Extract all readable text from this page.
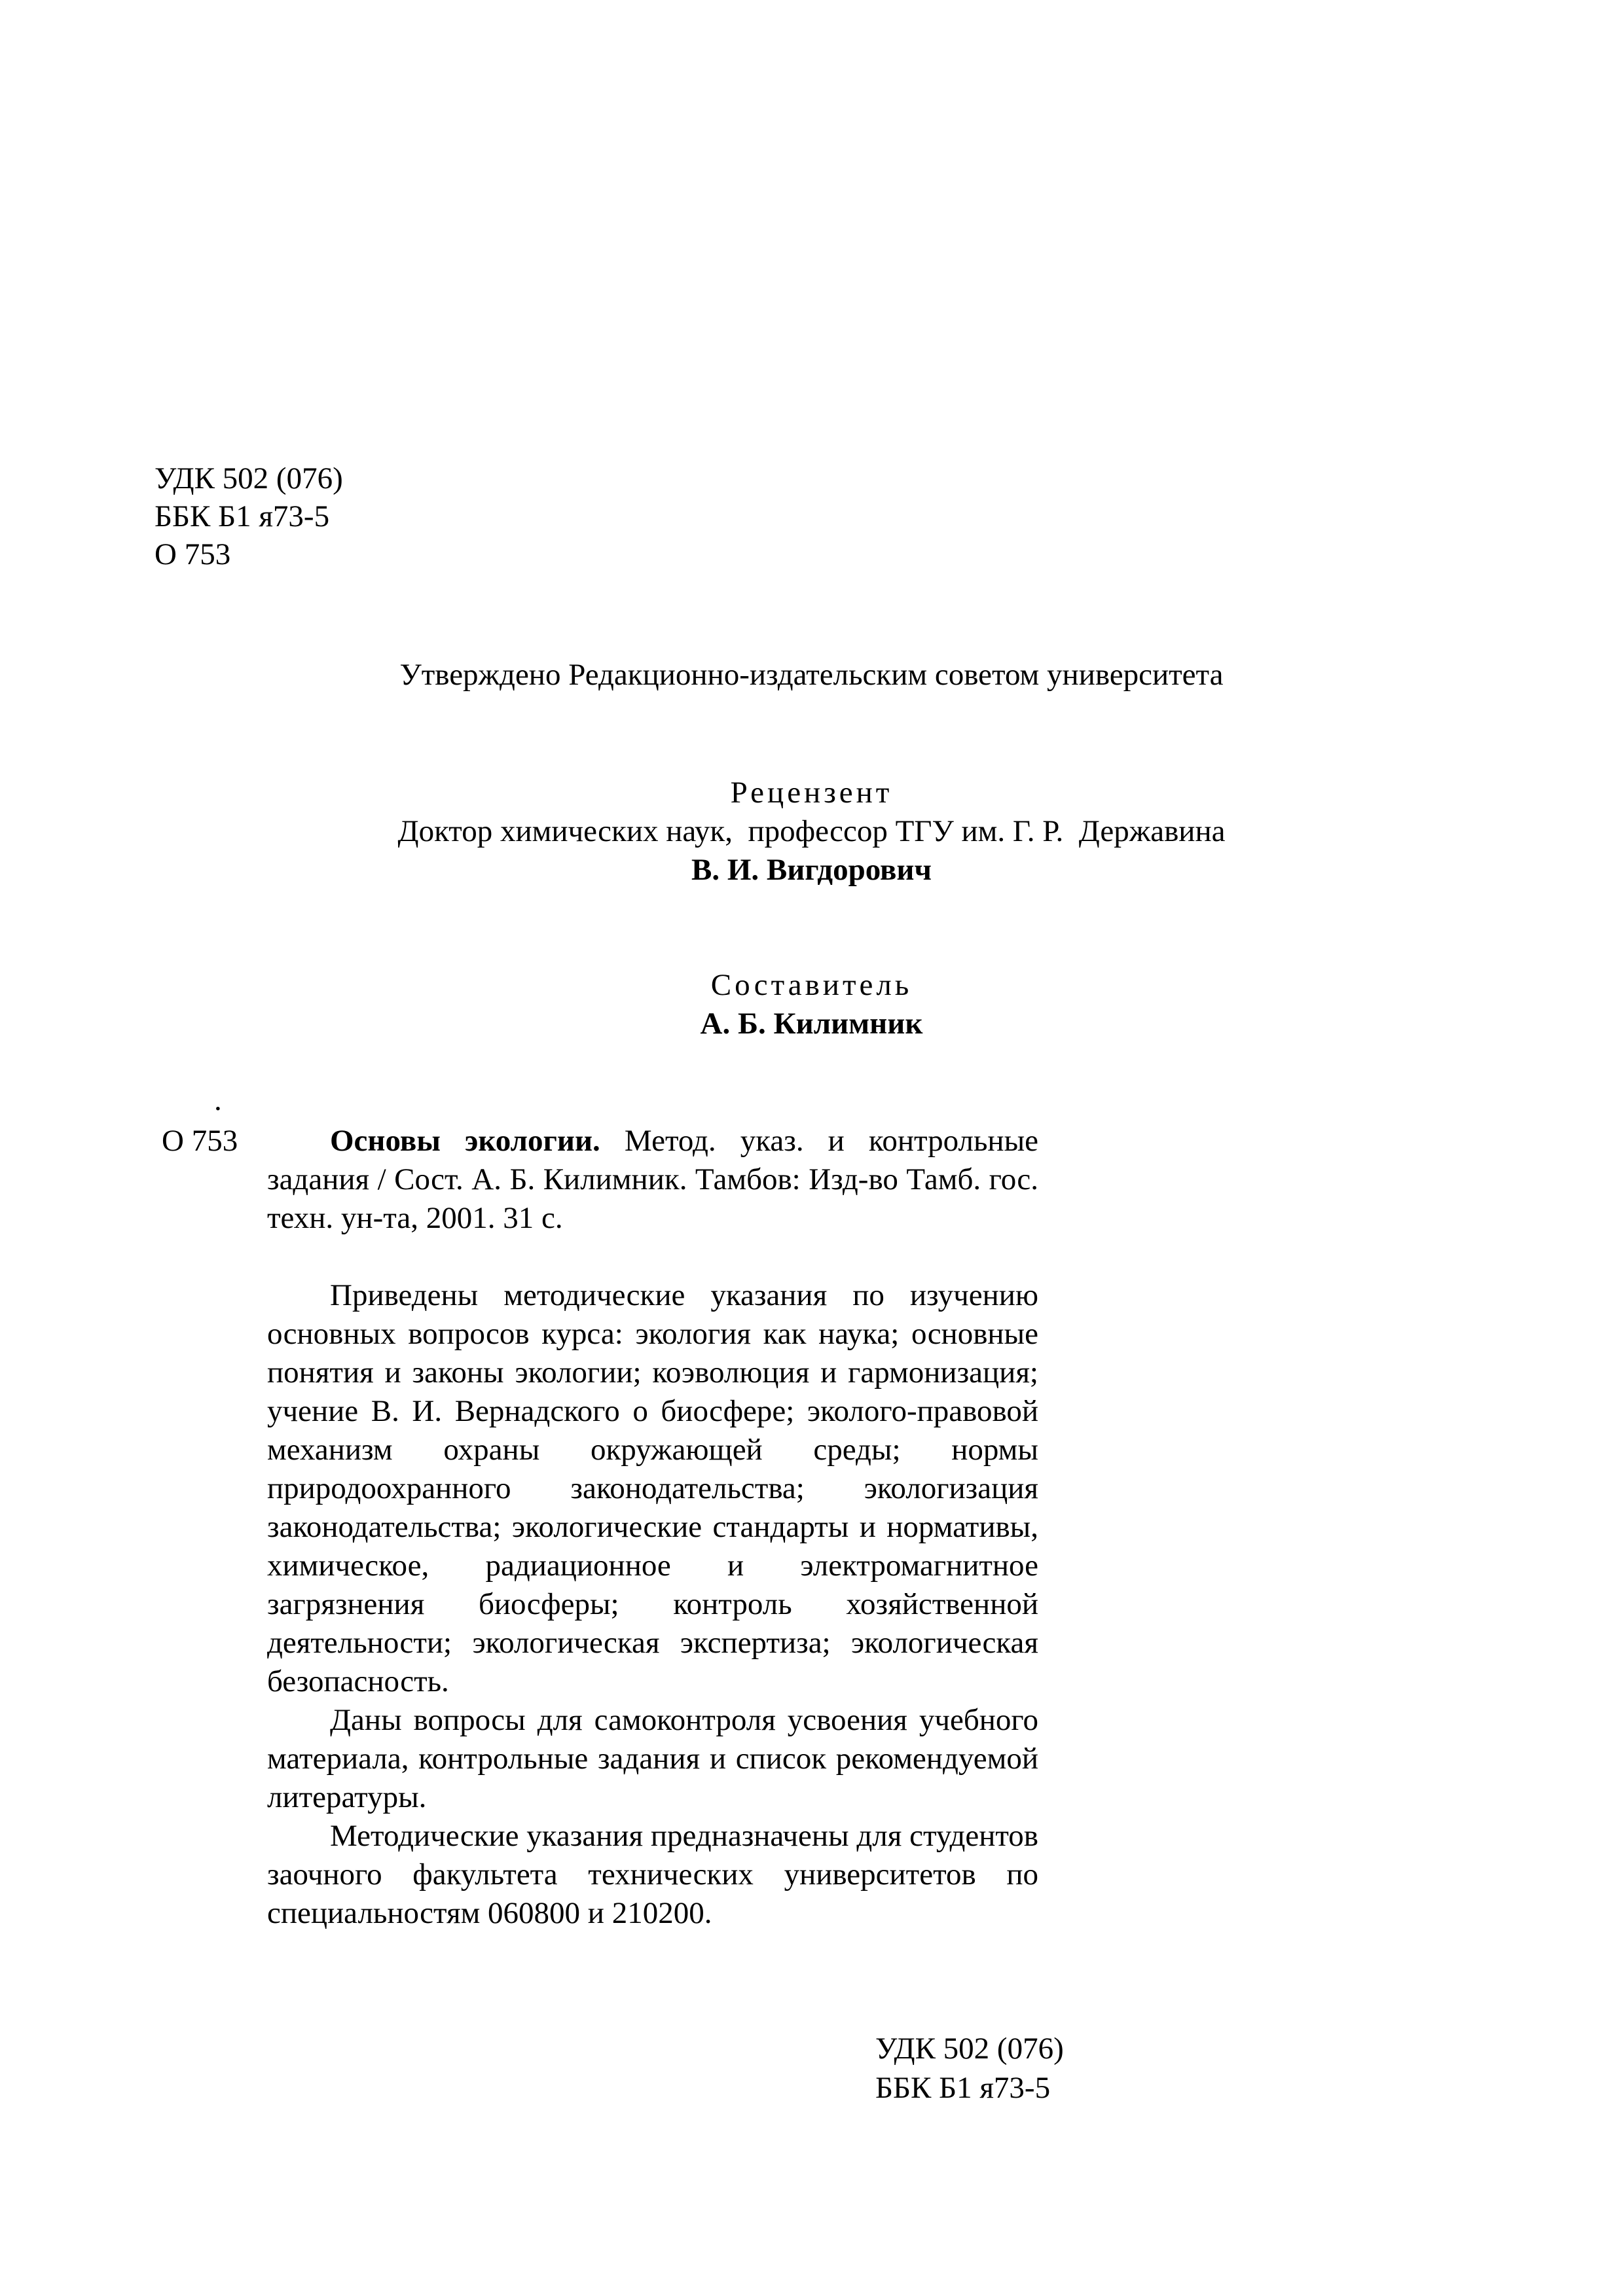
УДК 502 (076)
ББК Б1 я73-5
О 753
Утверждено Редакционно-издательским советом университета
Рецензент
Доктор химических наук,  профессор ТГУ им. Г. Р.  Державина
В. И. Вигдорович
Составитель
А. Б. Килимник
.
О 753	Основы экологии. Метод. указ. и контрольные задания / Сост. А. Б. Килимник. Тамбов: Изд-во Тамб. гос. техн. ун-та, 2001. 31 с.

Приведены методические указания по изучению основных вопросов курса: экология как наука; основные понятия и законы экологии; коэволюция и гармонизация; учение В. И. Вернадского о биосфере; эколого-правовой механизм охраны окружающей среды; нормы природоохранного законодательства; экологизация законодательства; экологические стандарты и нормативы, химическое, радиационное и электромагнитное загрязнения биосферы; контроль хозяйственной деятельности; экологическая экспертиза; экологическая безопасность.

Даны вопросы для самоконтроля усвоения учебного материала, контрольные задания и список рекомендуемой литературы.

Методические указания предназначены для студентов заочного факультета технических университетов по специальностям 060800 и 210200.

УДК 502 (076)
ББК Б1 я73-5
